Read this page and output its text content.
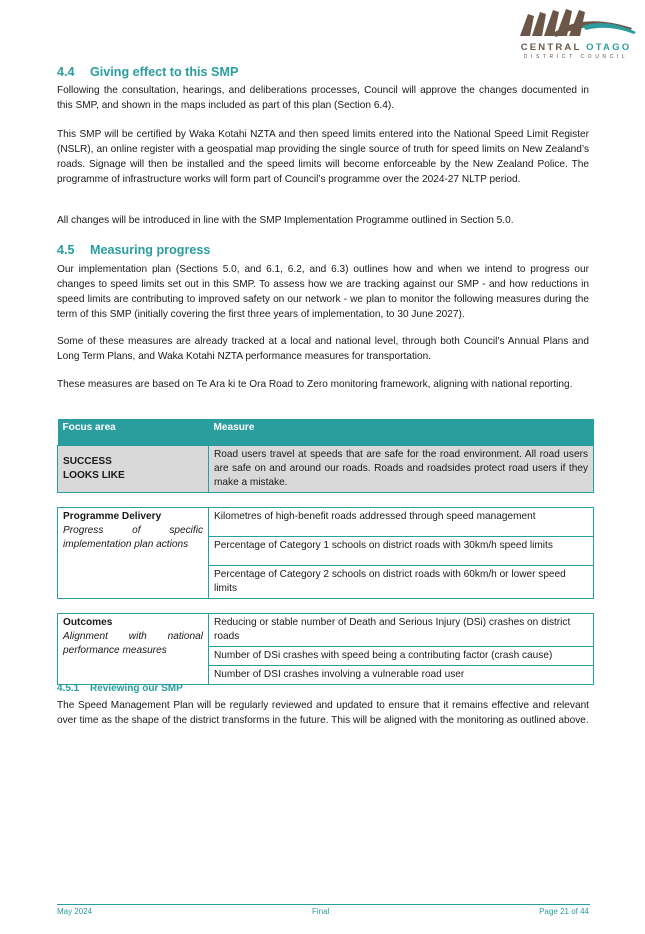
CENTRAL OTAGO
DISTRICT COUNCIL
4.4 Giving effect to this SMP

Following the consultation, hearings, and deliberations processes, Council will approve the changes documented in this SMP, and shown in the maps included as part of this plan (Section 6.4).

This SMP will be certified by Waka Kotahi NZTA and then speed limits entered into the National Speed Limit Register (NSLR), an online register with a geospatial map providing the single source of truth for speed limits on New Zealand’s roads. Signage will then be installed and the speed limits will become enforceable by the New Zealand Police. The programme of infrastructure works will form part of Council’s programme over the 2024-27 NLTP period.

All changes will be introduced in line with the SMP Implementation Programme outlined in Section 5.0.

4.5 Measuring progress

Our implementation plan (Sections 5.0, and 6.1, 6.2, and 6.3) outlines how and when we intend to progress our changes to speed limits set out in this SMP. To assess how we are tracking against our SMP - and how reductions in speed limits are contributing to improved safety on our network - we plan to monitor the following measures during the term of this SMP (initially covering the first three years of implementation, to 30 June 2027).

Some of these measures are already tracked at a local and national level, through both Council’s Annual Plans and Long Term Plans, and Waka Kotahi NZTA performance measures for transportation.

These measures are based on Te Ara ki te Ora Road to Zero monitoring framework, aligning with national reporting.

Focus area	Measure

SUCCESS
LOOKS LIKE	Road users travel at speeds that are safe for the road environment. All road users are safe on and around our roads. Roads and roadsides protect road users if they make a mistake.

Programme Delivery
Progress of specific implementation plan actions	Kilometres of high-benefit roads addressed through speed management
	Percentage of Category 1 schools on district roads with 30km/h speed limits
	Percentage of Category 2 schools on district roads with 60km/h or lower speed limits

Outcomes
Alignment with national performance measures	Reducing or stable number of Death and Serious Injury (DSi) crashes on district roads
	Number of DSi crashes with speed being a contributing factor (crash cause)
	Number of DSI crashes involving a vulnerable road user
4.5.1 Reviewing our SMP

The Speed Management Plan will be regularly reviewed and updated to ensure that it remains effective and relevant over time as the shape of the district transforms in the future. This will be aligned with the monitoring as outlined above.

May 2024	Final	Page 21 of 44
